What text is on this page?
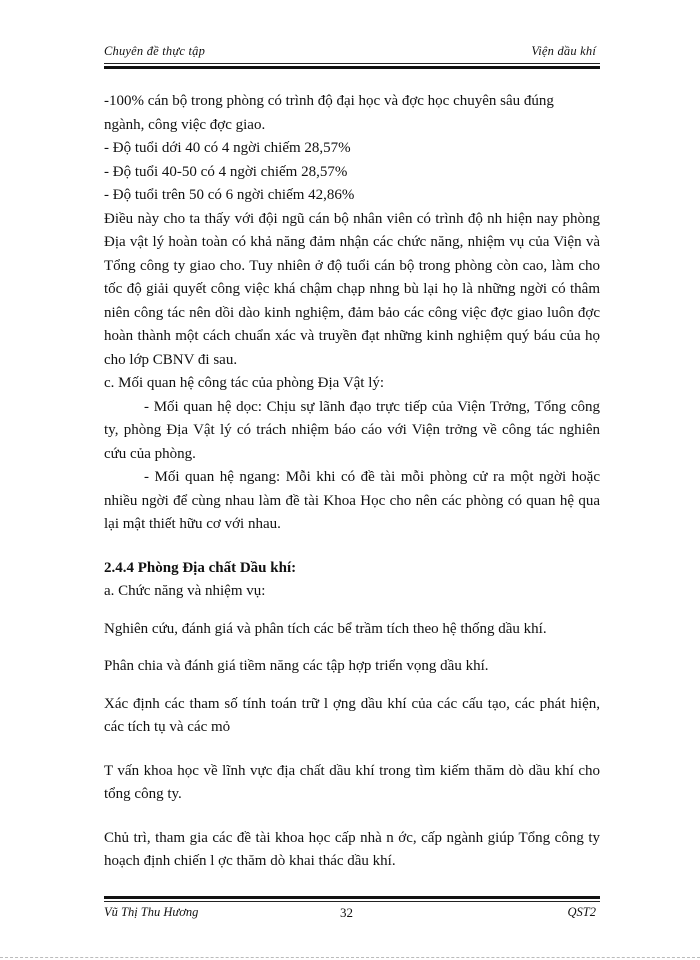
Chuyên đề thực tập	Viện dầu khí

-100% cán bộ trong phòng có trình độ đại học và đợc học chuyên sâu đúng

ngành, công việc đợc giao.

- Độ tuổi dới 40 có 4 ngời chiếm 28,57%

- Độ tuổi 40-50 có 4 ngời chiếm 28,57%

- Độ tuổi trên 50 có 6 ngời chiếm 42,86%

Điều này cho ta thấy với đội ngũ cán bộ nhân viên có trình độ nh hiện nay phòng Địa vật lý hoàn toàn có khả năng đảm nhận các chức năng, nhiệm vụ của Viện và Tổng công ty giao cho. Tuy nhiên ở độ tuổi cán bộ trong phòng còn cao, làm cho tốc độ giải quyết công việc khá chậm chạp nhng bù lại họ là những ngời có thâm niên công tác nên dồi dào kinh nghiệm, đảm bảo các công việc đợc giao luôn đợc hoàn thành một cách chuẩn xác và truyền đạt những kinh nghiệm quý báu của họ cho lớp CBNV đi sau.

c. Mối quan hệ công tác của phòng Địa Vật lý:

- Mối quan hệ dọc: Chịu sự lãnh đạo trực tiếp của Viện Trởng, Tổng công ty, phòng Địa Vật lý có trách nhiệm báo cáo với Viện trởng về công tác nghiên cứu của phòng.

- Mối quan hệ ngang: Mỗi khi có đề tài mỗi phòng cử ra một ngời hoặc nhiều ngời để cùng nhau làm đề tài Khoa Học cho nên các phòng có quan hệ qua lại mật thiết hữu cơ với nhau.

2.4.4 Phòng Địa chất Dầu khí:

a. Chức năng và nhiệm vụ:

Nghiên cứu, đánh giá và phân tích các bể trầm tích theo hệ thống dầu khí.

Phân chia và đánh giá tiềm năng các tập hợp triển vọng dầu khí.

Xác định các tham số tính toán trữ l ợng dầu khí của các cấu tạo, các phát hiện, các tích tụ và các mỏ

T vấn khoa học về lĩnh vực địa chất dầu khí trong tìm kiếm thăm dò dầu khí cho tổng công ty.

Chủ trì, tham gia các đề tài khoa học cấp nhà n ớc, cấp ngành giúp Tổng công ty hoạch định chiến l ợc thăm dò khai thác dầu khí.

Vũ Thị Thu Hương	32	QST2
